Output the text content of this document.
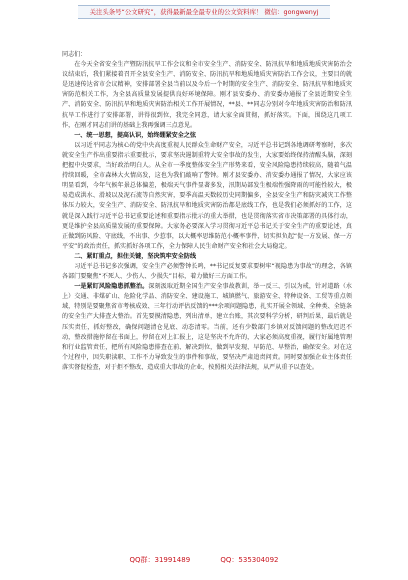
关注头条号“公文研究”，获得最新最全最专业的公文资料库！ 微信：gongwenyj

同志们：

在今天全省安全生产暨防汛抗旱工作会议和全市安全生产、消防安全、防汛抗旱和地质地质灾害防治会议结束后，我们紧接着召开全县安全生产、消防安全、防汛抗旱和地质地质灾害防治工作会议，主要目的就是迅速传达省市会议精神，安排部署全县当前以及今后一个时期的安全生产、消防安全、防汛抗旱和地质灾害防范相关工作，为全县高质量发展提供良好环境保障。刚才县安委办、消安委办通报了全县近期安全生产、消防安全、防汛抗旱和地质灾害防治相关工作开展情况，**县、**同志分别对今年地质灾害防治和防汛抗旱工作进行了安排部署，讲得很到位，我完全同意，请大家全面贯彻，抓好落实。下面，围绕这几项工作，在刚才同志们讲的基础上我再强调三点意见。

一、统一思想，提高认识，始终绷紧安全之弦

以习近平同志为核心的党中央高度重视人民群众生命财产安全，习近平总书记到各地调研考察时，多次就安全生产作出重要指示重要批示，要求坚决遏制重特大安全事故的发生，大家要始终保持清醒头脑，深刻把握中央要求，当好政治明白人。从全市一季度整体安全生产形势来看，安全风险隐患持续较高，随着气温持续回暖，全市森林大火情高发，这也为我们敲响了警钟。刚才县安委办、消安委办通报了情况，大家应该明显看到，今年气候年景总体偏差，极端天气事件显著多发，汛期局部发生极端性强降雨的可能性较大，极易造成洪水、滑坡以及泥石流等自然灾害，要季高温天数较历史同期偏多，全县安全生产和防灾减灾工作整体压力较大，安全生产、消防安全、防汛抗旱和地质灾害防治都是底线工作，也是我们必须抓好的工作，这就是深入践行习近平总书记重要论述和重要指示批示的重大举措，也是贯彻落实省市决策部署的具体行动，更是维护全县高质量发展的重要保障。大家务必要深入学习贯彻习近平总书记关于安全生产的重要论述，真正做到防风险、守底线，不出事、少惹事，以大概率思维防范小概率事件，切实担负起“促一方发展、保一方平安”的政治责任，抓实抓好各项工作，全力保障人民生命财产安全和社会大局稳定。

二、紧盯重点，担住关键，坚决筑牢安全防线

习近平总书记多次强调，安全生产必须警钟长鸣，**书记反复要求要树牢“视隐患为事故”的理念，各镇各部门要聚焦“不死人、少伤人、少损失”目标，着力做好三方面工作。

一是紧盯风险隐患抓整治。深刻汲取近期全国生产安全事故教训，举一反三、引以为戒，针对道路（水上）交通、非煤矿山、危险化学品、消防安全、建设施工、城镇燃气、旅游安全、特种设备、工贸等重点领域，特别是要聚焦省市考核成效、三年行动评估反馈的***余项问题隐患，扎实开展全领域、全种类、全链条的安全生产大排查大整治。首先要摸清隐患，列出清单，建立台账，其次要科学分析，研判后果，最后就是压实责任，抓好整改，确保问题清仓见底、动态清零。当前，还有少数部门乡镇对反馈问题的整改迟迟不动，整改措施停留在书面上，停留在对上汇报上，这是坚决不允许的，大家必须高度重视，履行好属地管理和行业监管责任，把所有风险隐患排查在前、解决到位，做到早发现、早防范、早整治，确保安全。对在这个过程中，因失职渎职、工作不力导致发生的事件和事故，要坚决严肃追责问责。同时要加强企业主体责任落实督促检查，对于拒不整改、造成重大事故的企业，按照相关法律法规，从严从重予以查处。

QQ群：31991489	QQ：535304092
